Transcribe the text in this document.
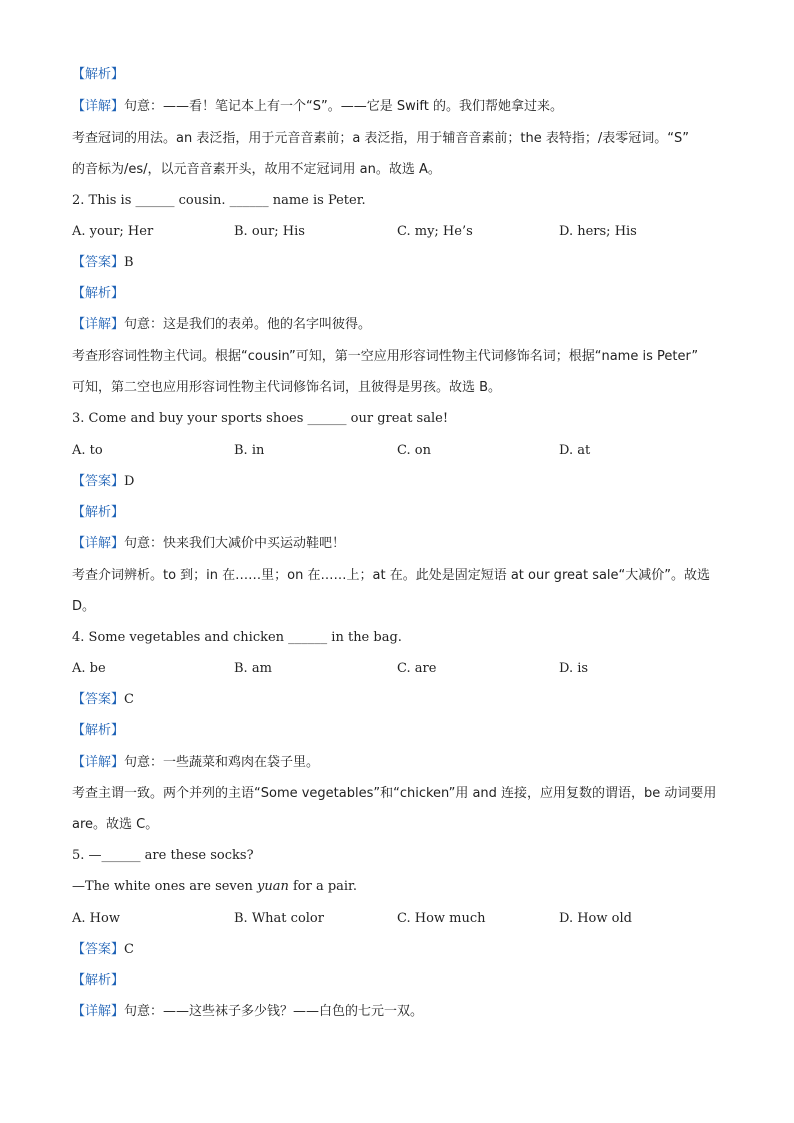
【解析】
【详解】句意：——看！笔记本上有一个“S”。——它是 Swift 的。我们帮她拿过来。
考查冠词的用法。an 表泛指，用于元音音素前；a 表泛指，用于辅音音素前；the 表特指；/表零冠词。“S”
的音标为/es/，以元音音素开头，故用不定冠词用 an。故选 A。
2. This is ______ cousin. ______ name is Peter.
A. your; Her	B. our; His	C. my; He’s	D. hers; His
【答案】B
【解析】
【详解】句意：这是我们的表弟。他的名字叫彼得。
考查形容词性物主代词。根据“cousin”可知，第一空应用形容词性物主代词修饰名词；根据“name is Peter”
可知，第二空也应用形容词性物主代词修饰名词，且彼得是男孩。故选 B。
3. Come and buy your sports shoes ______ our great sale!
A. to	B. in	C. on	D. at
【答案】D
【解析】
【详解】句意：快来我们大减价中买运动鞋吧！
考查介词辨析。to 到；in 在……里；on 在……上；at 在。此处是固定短语 at our great sale“大减价”。故选
D。
4. Some vegetables and chicken ______ in the bag.
A. be	B. am	C. are	D. is
【答案】C
【解析】
【详解】句意：一些蔬菜和鸡肉在袋子里。
考查主谓一致。两个并列的主语“Some vegetables”和“chicken”用 and 连接，应用复数的谓语，be 动词要用
are。故选 C。
5. —______ are these socks?
—The white ones are seven yuan for a pair.
A. How	B. What color	C. How much	D. How old
【答案】C
【解析】
【详解】句意：——这些袜子多少钱？——白色的七元一双。
